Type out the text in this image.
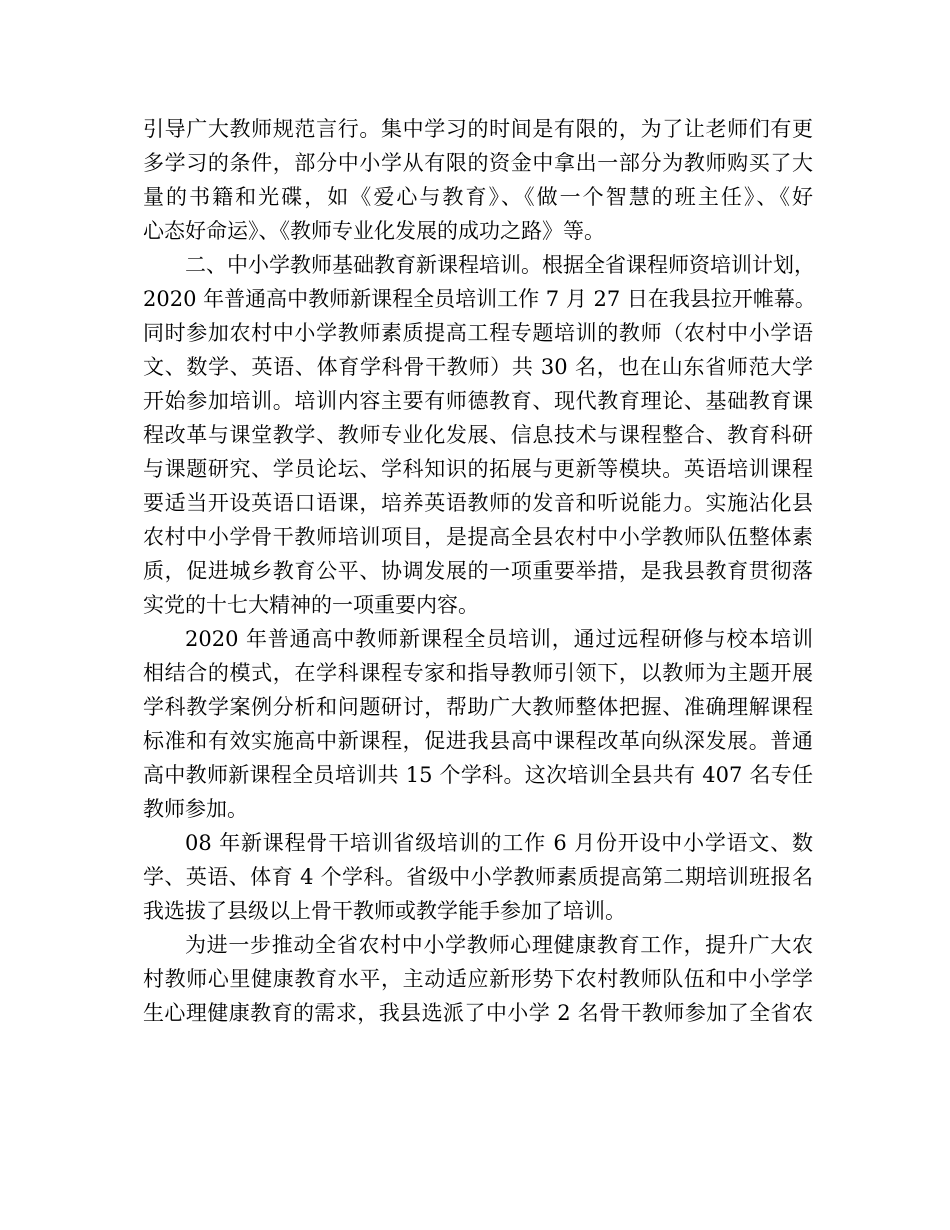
引导广大教师规范言行。集中学习的时间是有限的，为了让老师们有更
多学习的条件，部分中小学从有限的资金中拿出一部分为教师购买了大
量的书籍和光碟，如《爱心与教育》、《做一个智慧的班主任》、《好
心态好命运》、《教师专业化发展的成功之路》等。
二、中小学教师基础教育新课程培训。根据全省课程师资培训计划，
2020 年普通高中教师新课程全员培训工作 7 月 27 日在我县拉开帷幕。
同时参加农村中小学教师素质提高工程专题培训的教师（农村中小学语
文、数学、英语、体育学科骨干教师）共 30 名，也在山东省师范大学
开始参加培训。培训内容主要有师德教育、现代教育理论、基础教育课
程改革与课堂教学、教师专业化发展、信息技术与课程整合、教育科研
与课题研究、学员论坛、学科知识的拓展与更新等模块。英语培训课程
要适当开设英语口语课，培养英语教师的发音和听说能力。实施沾化县
农村中小学骨干教师培训项目，是提高全县农村中小学教师队伍整体素
质，促进城乡教育公平、协调发展的一项重要举措，是我县教育贯彻落
实党的十七大精神的一项重要内容。
2020 年普通高中教师新课程全员培训，通过远程研修与校本培训
相结合的模式，在学科课程专家和指导教师引领下，以教师为主题开展
学科教学案例分析和问题研讨，帮助广大教师整体把握、准确理解课程
标准和有效实施高中新课程，促进我县高中课程改革向纵深发展。普通
高中教师新课程全员培训共 15 个学科。这次培训全县共有 407 名专任
教师参加。
08 年新课程骨干培训省级培训的工作 6 月份开设中小学语文、数
学、英语、体育 4 个学科。省级中小学教师素质提高第二期培训班报名
我选拔了县级以上骨干教师或教学能手参加了培训。
为进一步推动全省农村中小学教师心理健康教育工作，提升广大农
村教师心里健康教育水平，主动适应新形势下农村教师队伍和中小学学
生心理健康教育的需求，我县选派了中小学 2 名骨干教师参加了全省农
